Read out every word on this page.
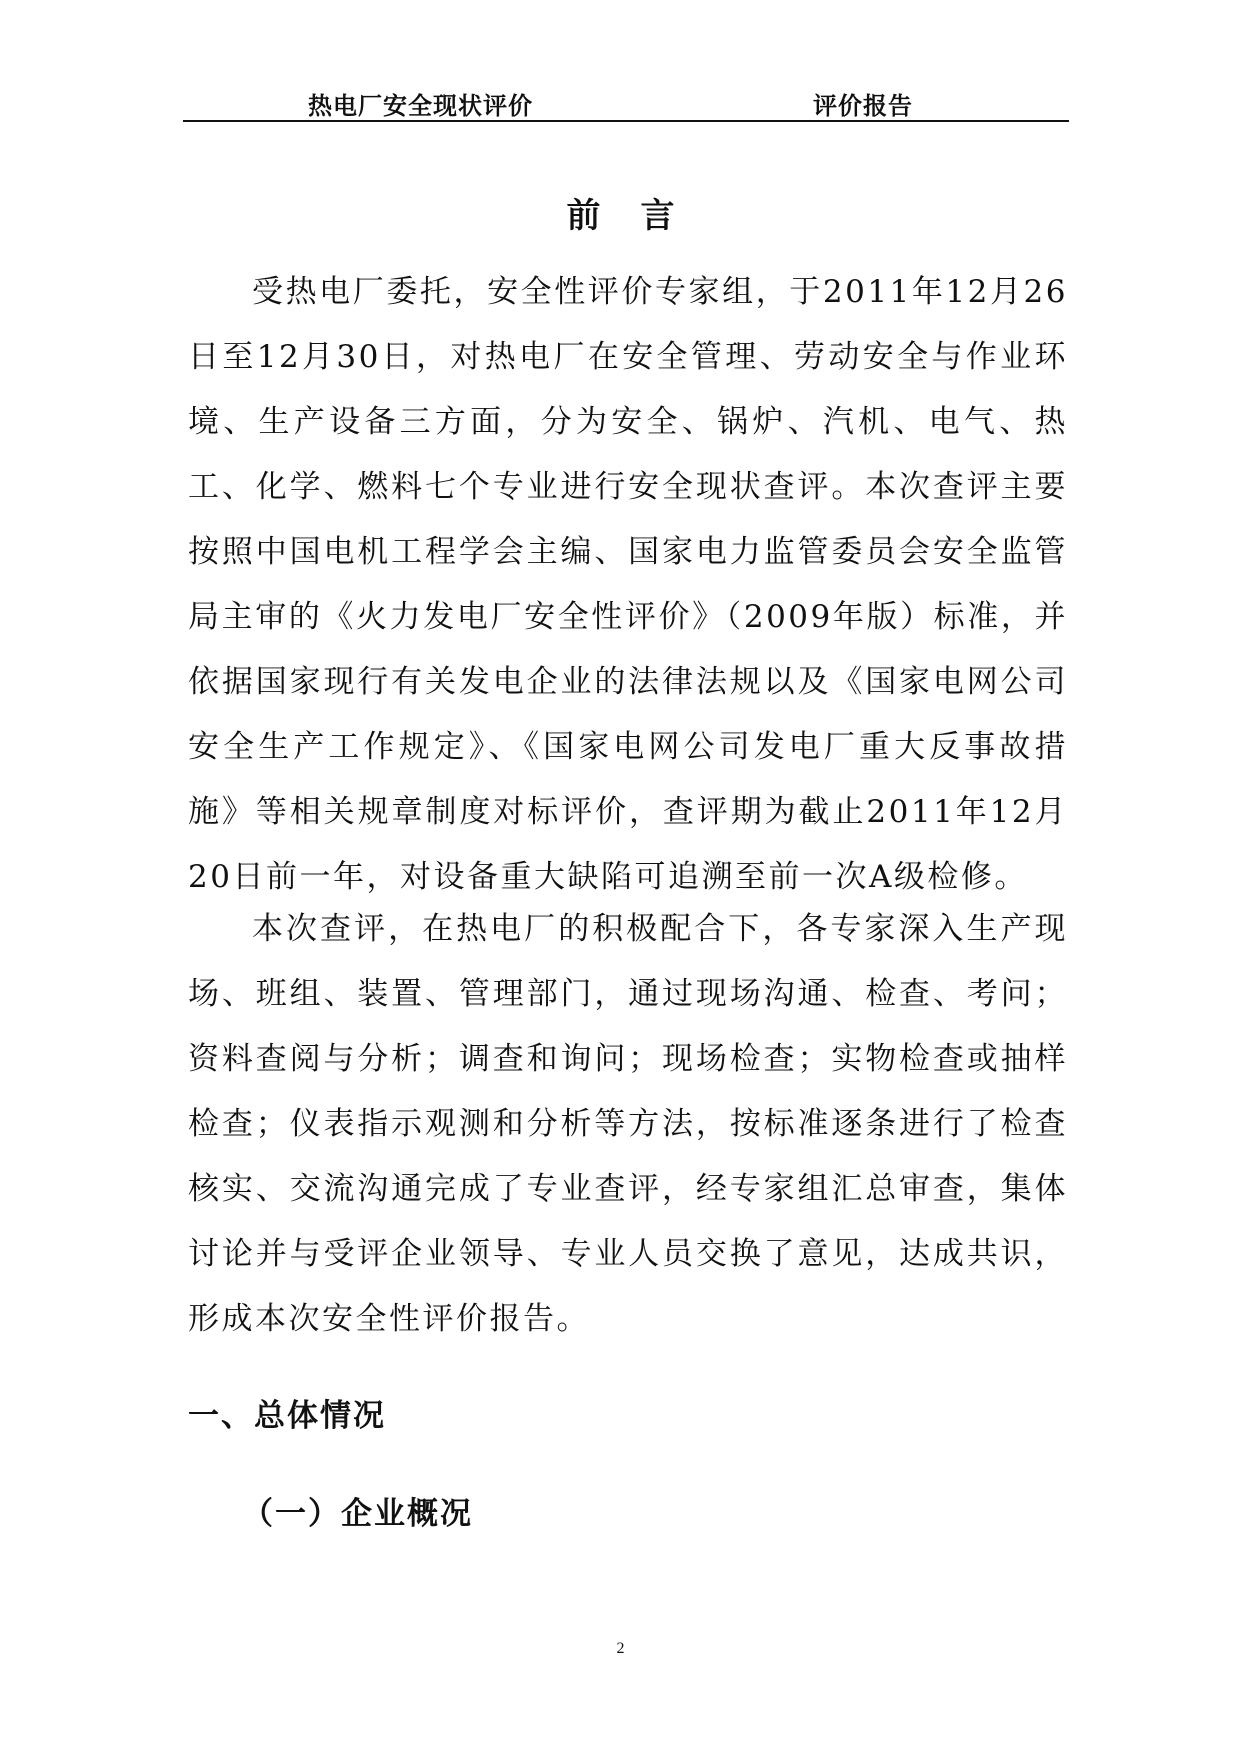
热电厂安全现状评价	评价报告
前言

受热电厂委托，安全性评价专家组，于2011年12月26日至12月30日，对热电厂在安全管理、劳动安全与作业环境、生产设备三方面，分为安全、锅炉、汽机、电气、热工、化学、燃料七个专业进行安全现状查评。本次查评主要按照中国电机工程学会主编、国家电力监管委员会安全监管局主审的《火力发电厂安全性评价》（2009年版）标准，并依据国家现行有关发电企业的法律法规以及《国家电网公司安全生产工作规定》、《国家电网公司发电厂重大反事故措施》等相关规章制度对标评价，查评期为截止2011年12月20日前一年，对设备重大缺陷可追溯至前一次A级检修。

本次查评，在热电厂的积极配合下，各专家深入生产现场、班组、装置、管理部门，通过现场沟通、检查、考问；资料查阅与分析；调查和询问；现场检查；实物检查或抽样检查；仪表指示观测和分析等方法，按标准逐条进行了检查核实、交流沟通完成了专业查评，经专家组汇总审查，集体讨论并与受评企业领导、专业人员交换了意见，达成共识，形成本次安全性评价报告。

一、总体情况
（一）企业概况
2
